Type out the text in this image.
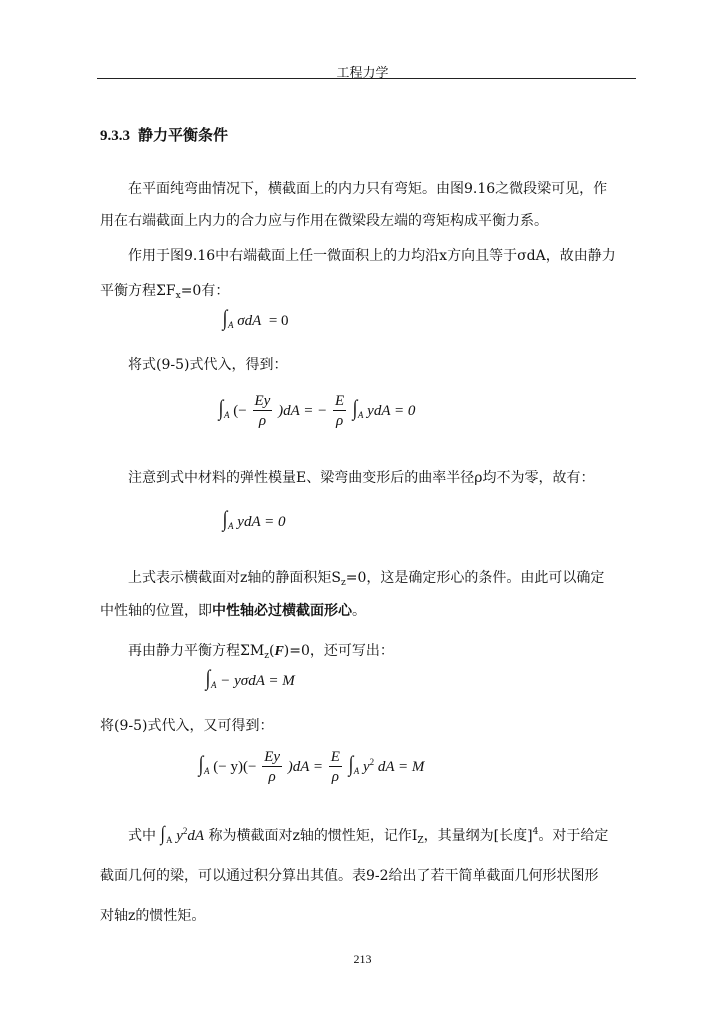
工程力学
9.3.3 静力平衡条件
在平面纯弯曲情况下，横截面上的内力只有弯矩。由图9.16之微段梁可见，作
用在右端截面上内力的合力应与作用在微梁段左端的弯矩构成平衡力系。
作用于图9.16中右端截面上任一微面积上的力均沿x方向且等于σdA，故由静力
平衡方程$\Sigma F_x=0$有：
$\int_A$ σdA = 0
将式(9-5)式代入，得到：
$\int_A$ (− $\frac{Ey}{\rho} )dA$ = − $\frac{E}{\rho} \int_A$ ydA = 0
注意到式中材料的弹性模量E、梁弯曲变形后的曲率半径ρ均不为零，故有：
$\int_A$ ydA = 0
上式表示横截面对z轴的静面积矩$S_z=0$，这是确定形心的条件。由此可以确定
中性轴的位置，即中性轴必过横截面形心。
再由静力平衡方程$\Sigma M_z(F)=0$，还可写出：
$\int_A - y\sigma dA = M$
将(9-5)式代入，又可得到：
$\int_A$ (− $y)(- \frac{Ey}{\rho} )dA = \frac{E}{\rho} \int_A$ $y^2$ dA = M
式中 $\int_A$ $y^2dA$ 称为横截面对z轴的惯性矩，记作$I_Z$，其量纲为[长度]$^4$。对于给定
截面几何的梁，可以通过积分算出其值。表9-2给出了若干简单截面几何形状图形
对轴z的惯性矩。
213
